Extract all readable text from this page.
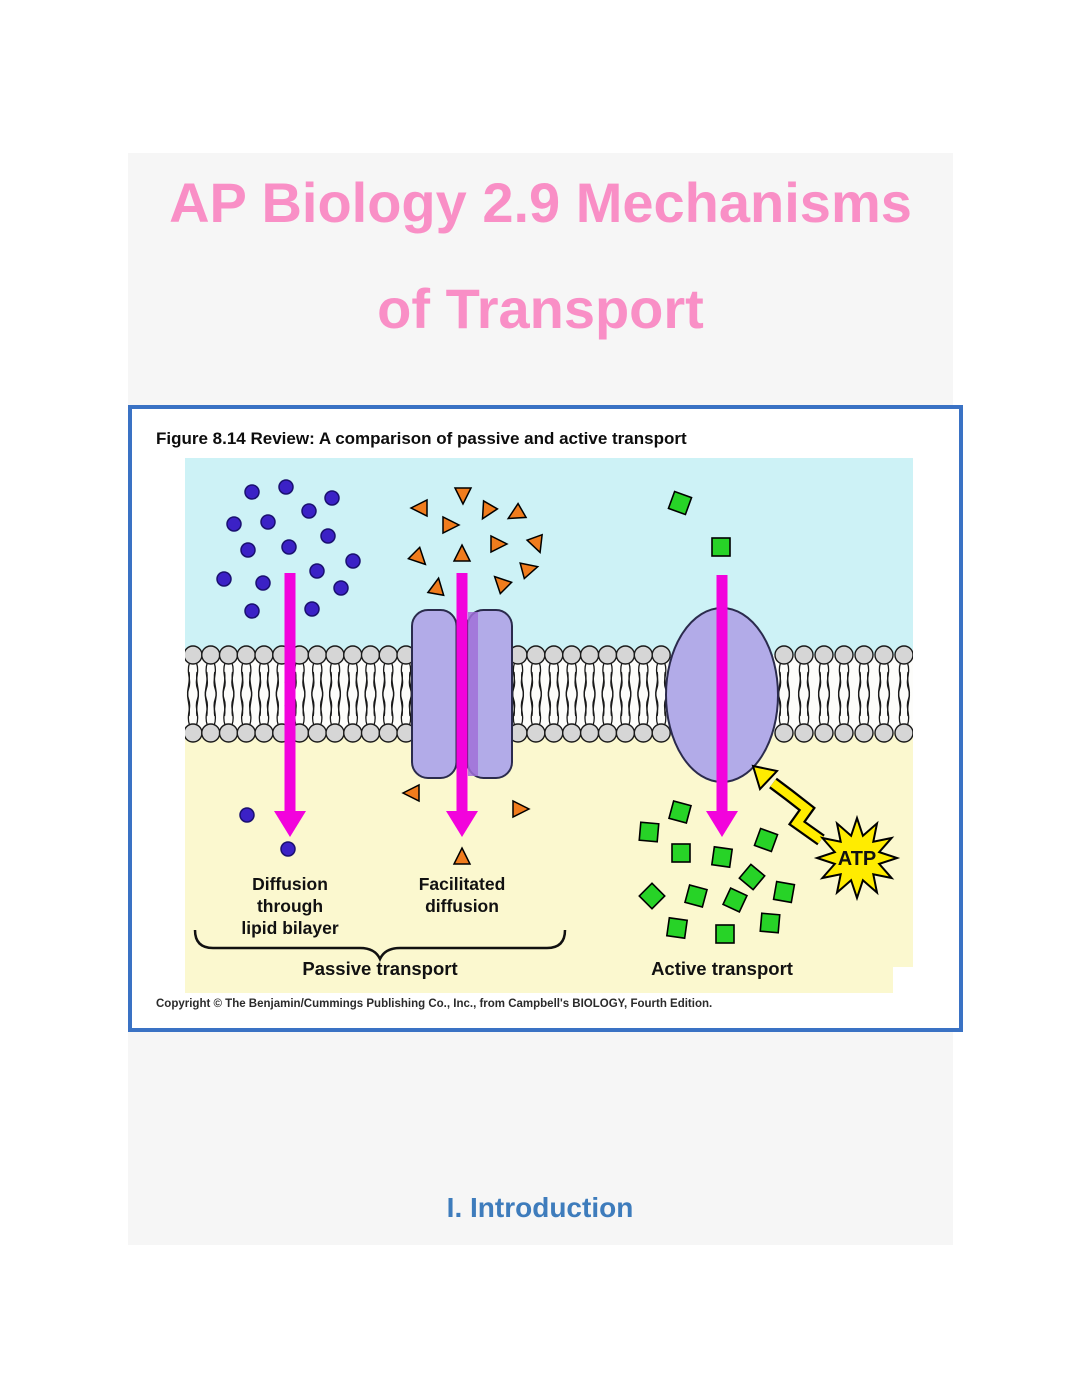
AP Biology 2.9 Mechanisms
of Transport
Figure 8.14 Review: A comparison of passive and active transport
ATP
Diffusion
through
lipid bilayer
Facilitated
diffusion
Passive transport	Active transport
Copyright © The Benjamin/Cummings Publishing Co., Inc., from Campbell's BIOLOGY, Fourth Edition.
I. Introduction
